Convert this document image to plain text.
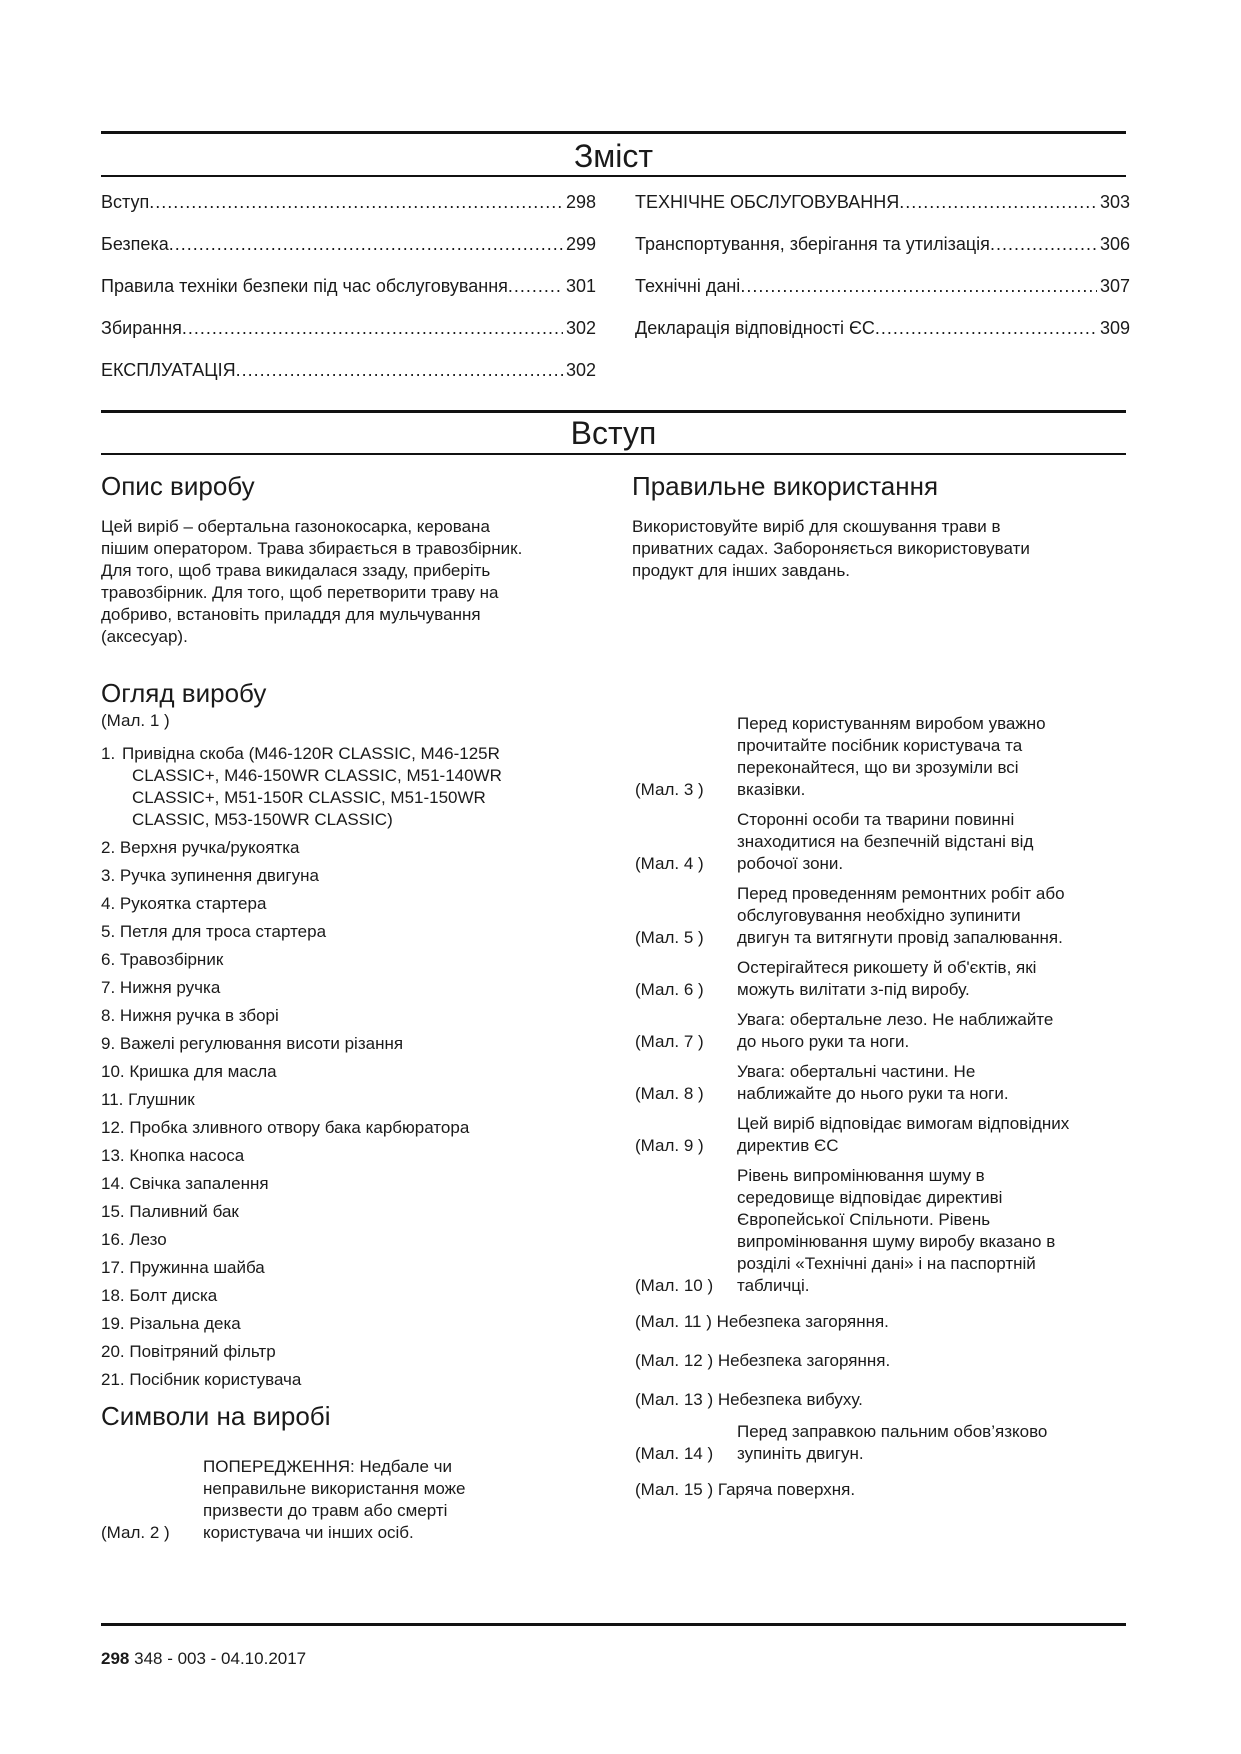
Зміст
Вступ .....	298
Безпека .....	299
Правила техніки безпеки під час обслуговування .....	301
Збирання .....	302
ЕКСПЛУАТАЦІЯ .....	302
ТЕХНІЧНЕ ОБСЛУГОВУВАННЯ .....	303
Транспортування, зберігання та утилізація .....	306
Технічні дані .....	307
Декларація відповідності ЄС .....	309
Вступ
Опис виробу
Цей виріб – обертальна газонокосарка, керована
пішим оператором. Трава збирається в травозбірник.
Для того, щоб трава викидалася ззаду, приберіть
травозбірник. Для того, щоб перетворити траву на
добриво, встановіть приладдя для мульчування
(аксесуар).
Правильне використання
Використовуйте виріб для скошування трави в
приватних садах. Забороняється використовувати
продукт для інших завдань.
Огляд виробу
(Мал. 1 )
1. Привідна скоба (M46-120R CLASSIC, M46-125R
CLASSIC+, M46-150WR CLASSIC, M51-140WR
CLASSIC+, M51-150R CLASSIC, M51-150WR
CLASSIC, M53-150WR CLASSIC)
2.
Верхня ручка/рукоятка
3.
Ручка зупинення двигуна
4.
Рукоятка стартера
5.
Петля для троса стартера
6.
Травозбірник
7.
Нижня ручка
8.
Нижня ручка в зборі
9.
Важелі регулювання висоти різання
10.
Кришка для масла
11.
Глушник
12.
Пробка зливного отвору бака карбюратора
13.
Кнопка насоса
14.
Свічка запалення
15.
Паливний бак
16.
Лезо
17.
Пружинна шайба
18.
Болт диска
19.
Різальна дека
20.
Повітряний фільтр
21.
Посібник користувача
Символи на виробі
(Мал. 2 )
ПОПЕРЕДЖЕННЯ: Недбале чи
неправильне використання може
призвести до травм або смерті
користувача чи інших осіб.
(Мал. 3 )
Перед користуванням виробом уважно
прочитайте посібник користувача та
переконайтеся, що ви зрозуміли всі
вказівки.
(Мал. 4 )
Сторонні особи та тварини повинні
знаходитися на безпечній відстані від
робочої зони.
(Мал. 5 )
Перед проведенням ремонтних робіт або
обслуговування необхідно зупинити
двигун та витягнути провід запалювання.
(Мал. 6 )
Остерігайтеся рикошету й об'єктів, які
можуть вилітати з-під виробу.
(Мал. 7 )
Увага: обертальне лезо. Не наближайте
до нього руки та ноги.
(Мал. 8 )
Увага: обертальні частини. Не
наближайте до нього руки та ноги.
(Мал. 9 )
Цей виріб відповідає вимогам відповідних
директив ЄС
(Мал. 10 )
Рівень випромінювання шуму в
середовище відповідає директиві
Європейської Спільноти. Рівень
випромінювання шуму виробу вказано в
розділі «Технічні дані» і на паспортній
табличці.
(Мал. 11 ) Небезпека загоряння.
(Мал. 12 ) Небезпека загоряння.
(Мал. 13 ) Небезпека вибуху.
(Мал. 14 )
Перед заправкою пальним обов’язково
зупиніть двигун.
(Мал. 15 ) Гаряча поверхня.
298 348 - 003 - 04.10.2017
